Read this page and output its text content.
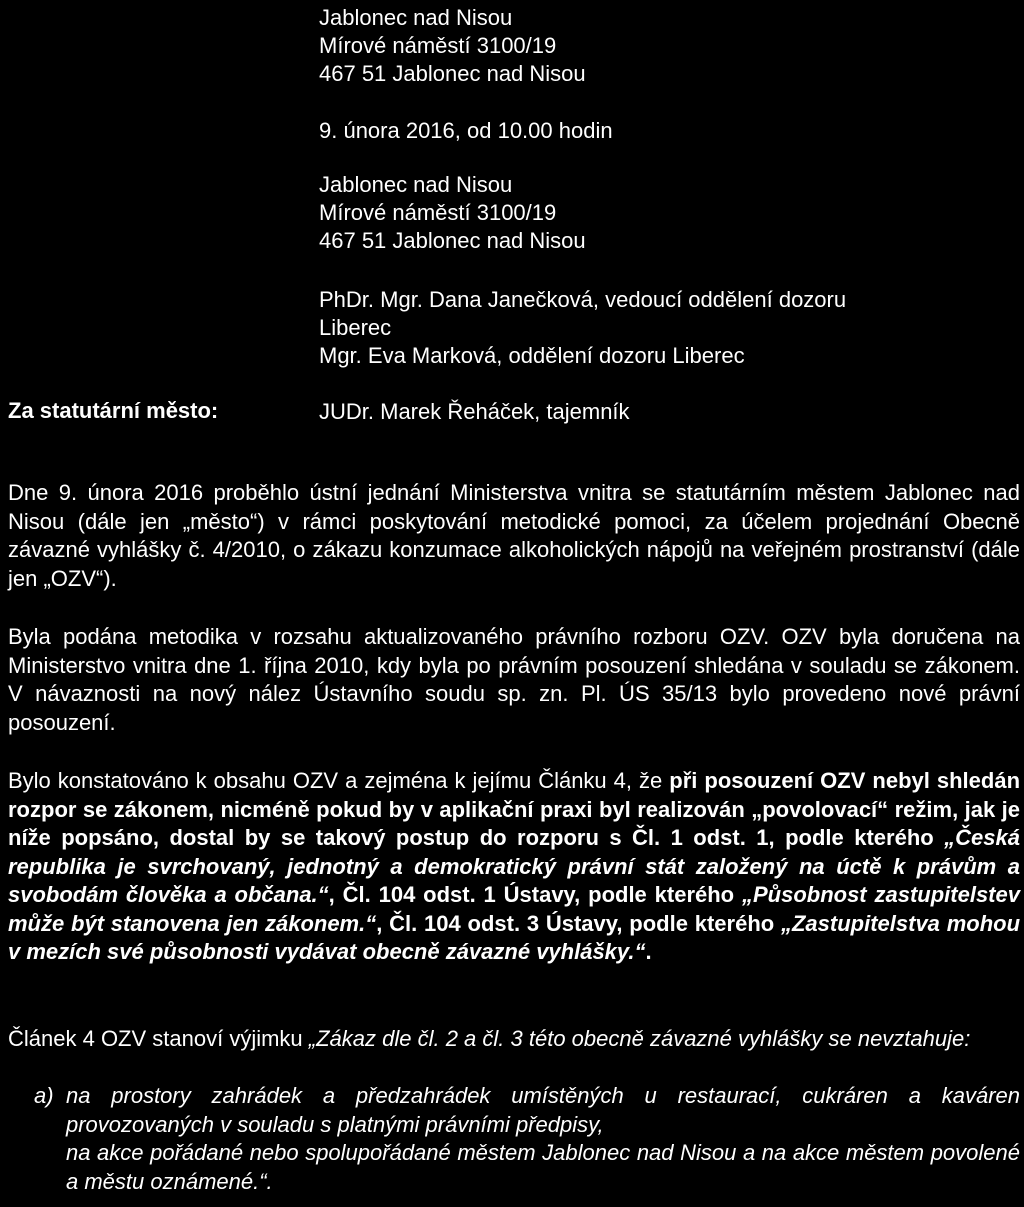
Jablonec nad Nisou
Mírové náměstí 3100/19
467 51 Jablonec nad Nisou
9. února 2016, od 10.00 hodin
Jablonec nad Nisou
Mírové náměstí 3100/19
467 51 Jablonec nad Nisou
PhDr. Mgr. Dana Janečková, vedoucí oddělení dozoru
Liberec
Mgr. Eva Marková, oddělení dozoru Liberec
Za statutární město:	JUDr. Marek Řeháček, tajemník

Dne 9. února 2016 proběhlo ústní jednání Ministerstva vnitra se statutárním městem Jablonec nad Nisou (dále jen „město“) v rámci poskytování metodické pomoci, za účelem projednání Obecně závazné vyhlášky č. 4/2010, o zákazu konzumace alkoholických nápojů na veřejném prostranství (dále jen „OZV“).

Byla podána metodika v rozsahu aktualizovaného právního rozboru OZV. OZV byla doručena na Ministerstvo vnitra dne 1. října 2010, kdy byla po právním posouzení shledána v souladu se zákonem. V návaznosti na nový nález Ústavního soudu sp. zn. Pl. ÚS 35/13 bylo provedeno nové právní posouzení.

Bylo konstatováno k obsahu OZV a zejména k jejímu Článku 4, že při posouzení OZV nebyl shledán rozpor se zákonem, nicméně pokud by v aplikační praxi byl realizován „povolovací“ režim, jak je níže popsáno, dostal by se takový postup do rozporu s Čl. 1 odst. 1, podle kterého „Česká republika je svrchovaný, jednotný a demokratický právní stát založený na úctě k právům a svobodám člověka a občana.“, Čl. 104 odst. 1 Ústavy, podle kterého „Působnost zastupitelstev může být stanovena jen zákonem.“, Čl. 104 odst. 3 Ústavy, podle kterého „Zastupitelstva mohou v mezích své působnosti vydávat obecně závazné vyhlášky.“.

Článek 4 OZV stanoví výjimku „Zákaz dle čl. 2 a čl. 3 této obecně závazné vyhlášky se nevztahuje:

a) na prostory zahrádek a předzahrádek umístěných u restaurací, cukráren a kaváren provozovaných v souladu s platnými právními předpisy,
na akce pořádané nebo spolupořádané městem Jablonec nad Nisou a na akce městem povolené a městu oznámené.“.
